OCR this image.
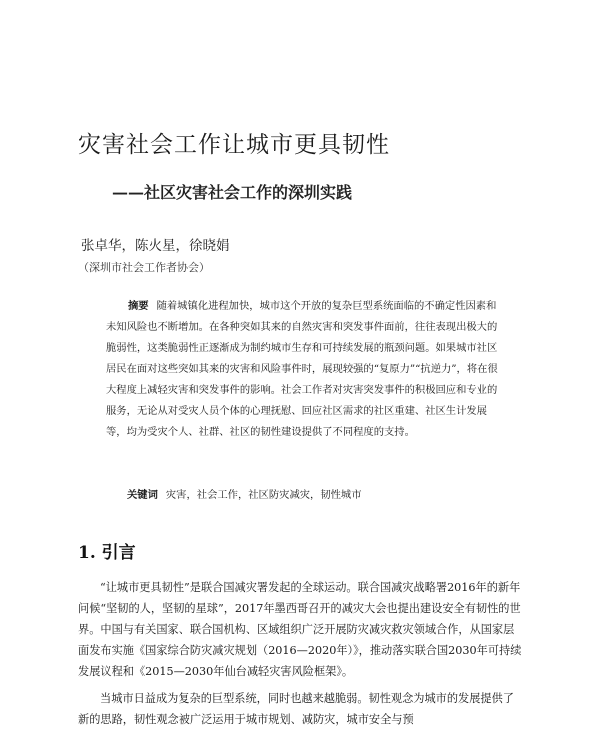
灾害社会工作让城市更具韧性
——社区灾害社会工作的深圳实践
张卓华，陈火星，徐晓娟
（深圳市社会工作者协会）

摘要 随着城镇化进程加快，城市这个开放的复杂巨型系统面临的不确定性因素和未知风险也不断增加。在各种突如其来的自然灾害和突发事件面前，往往表现出极大的脆弱性，这类脆弱性正逐渐成为制约城市生存和可持续发展的瓶颈问题。如果城市社区居民在面对这些突如其来的灾害和风险事件时，展现较强的“复原力”“抗逆力”，将在很大程度上减轻灾害和突发事件的影响。社会工作者对灾害突发事件的积极回应和专业的服务，无论从对受灾人员个体的心理抚慰、回应社区需求的社区重建、社区生计发展等，均为受灾个人、社群、社区的韧性建设提供了不同程度的支持。

关键词 灾害，社会工作，社区防灾减灾，韧性城市
1. 引言

“让城市更具韧性”是联合国减灾署发起的全球运动。联合国减灾战略署2016年的新年问候“坚韧的人，坚韧的星球”，2017年墨西哥召开的减灾大会也提出建设安全有韧性的世界。中国与有关国家、联合国机构、区域组织广泛开展防灾减灾救灾领域合作，从国家层面发布实施《国家综合防灾减灾规划（2016—2020年）》，推动落实联合国2030年可持续发展议程和《2015—2030年仙台减轻灾害风险框架》。

当城市日益成为复杂的巨型系统，同时也越来越脆弱。韧性观念为城市的发展提供了新的思路，韧性观念被广泛运用于城市规划、减防灾，城市安全与预
